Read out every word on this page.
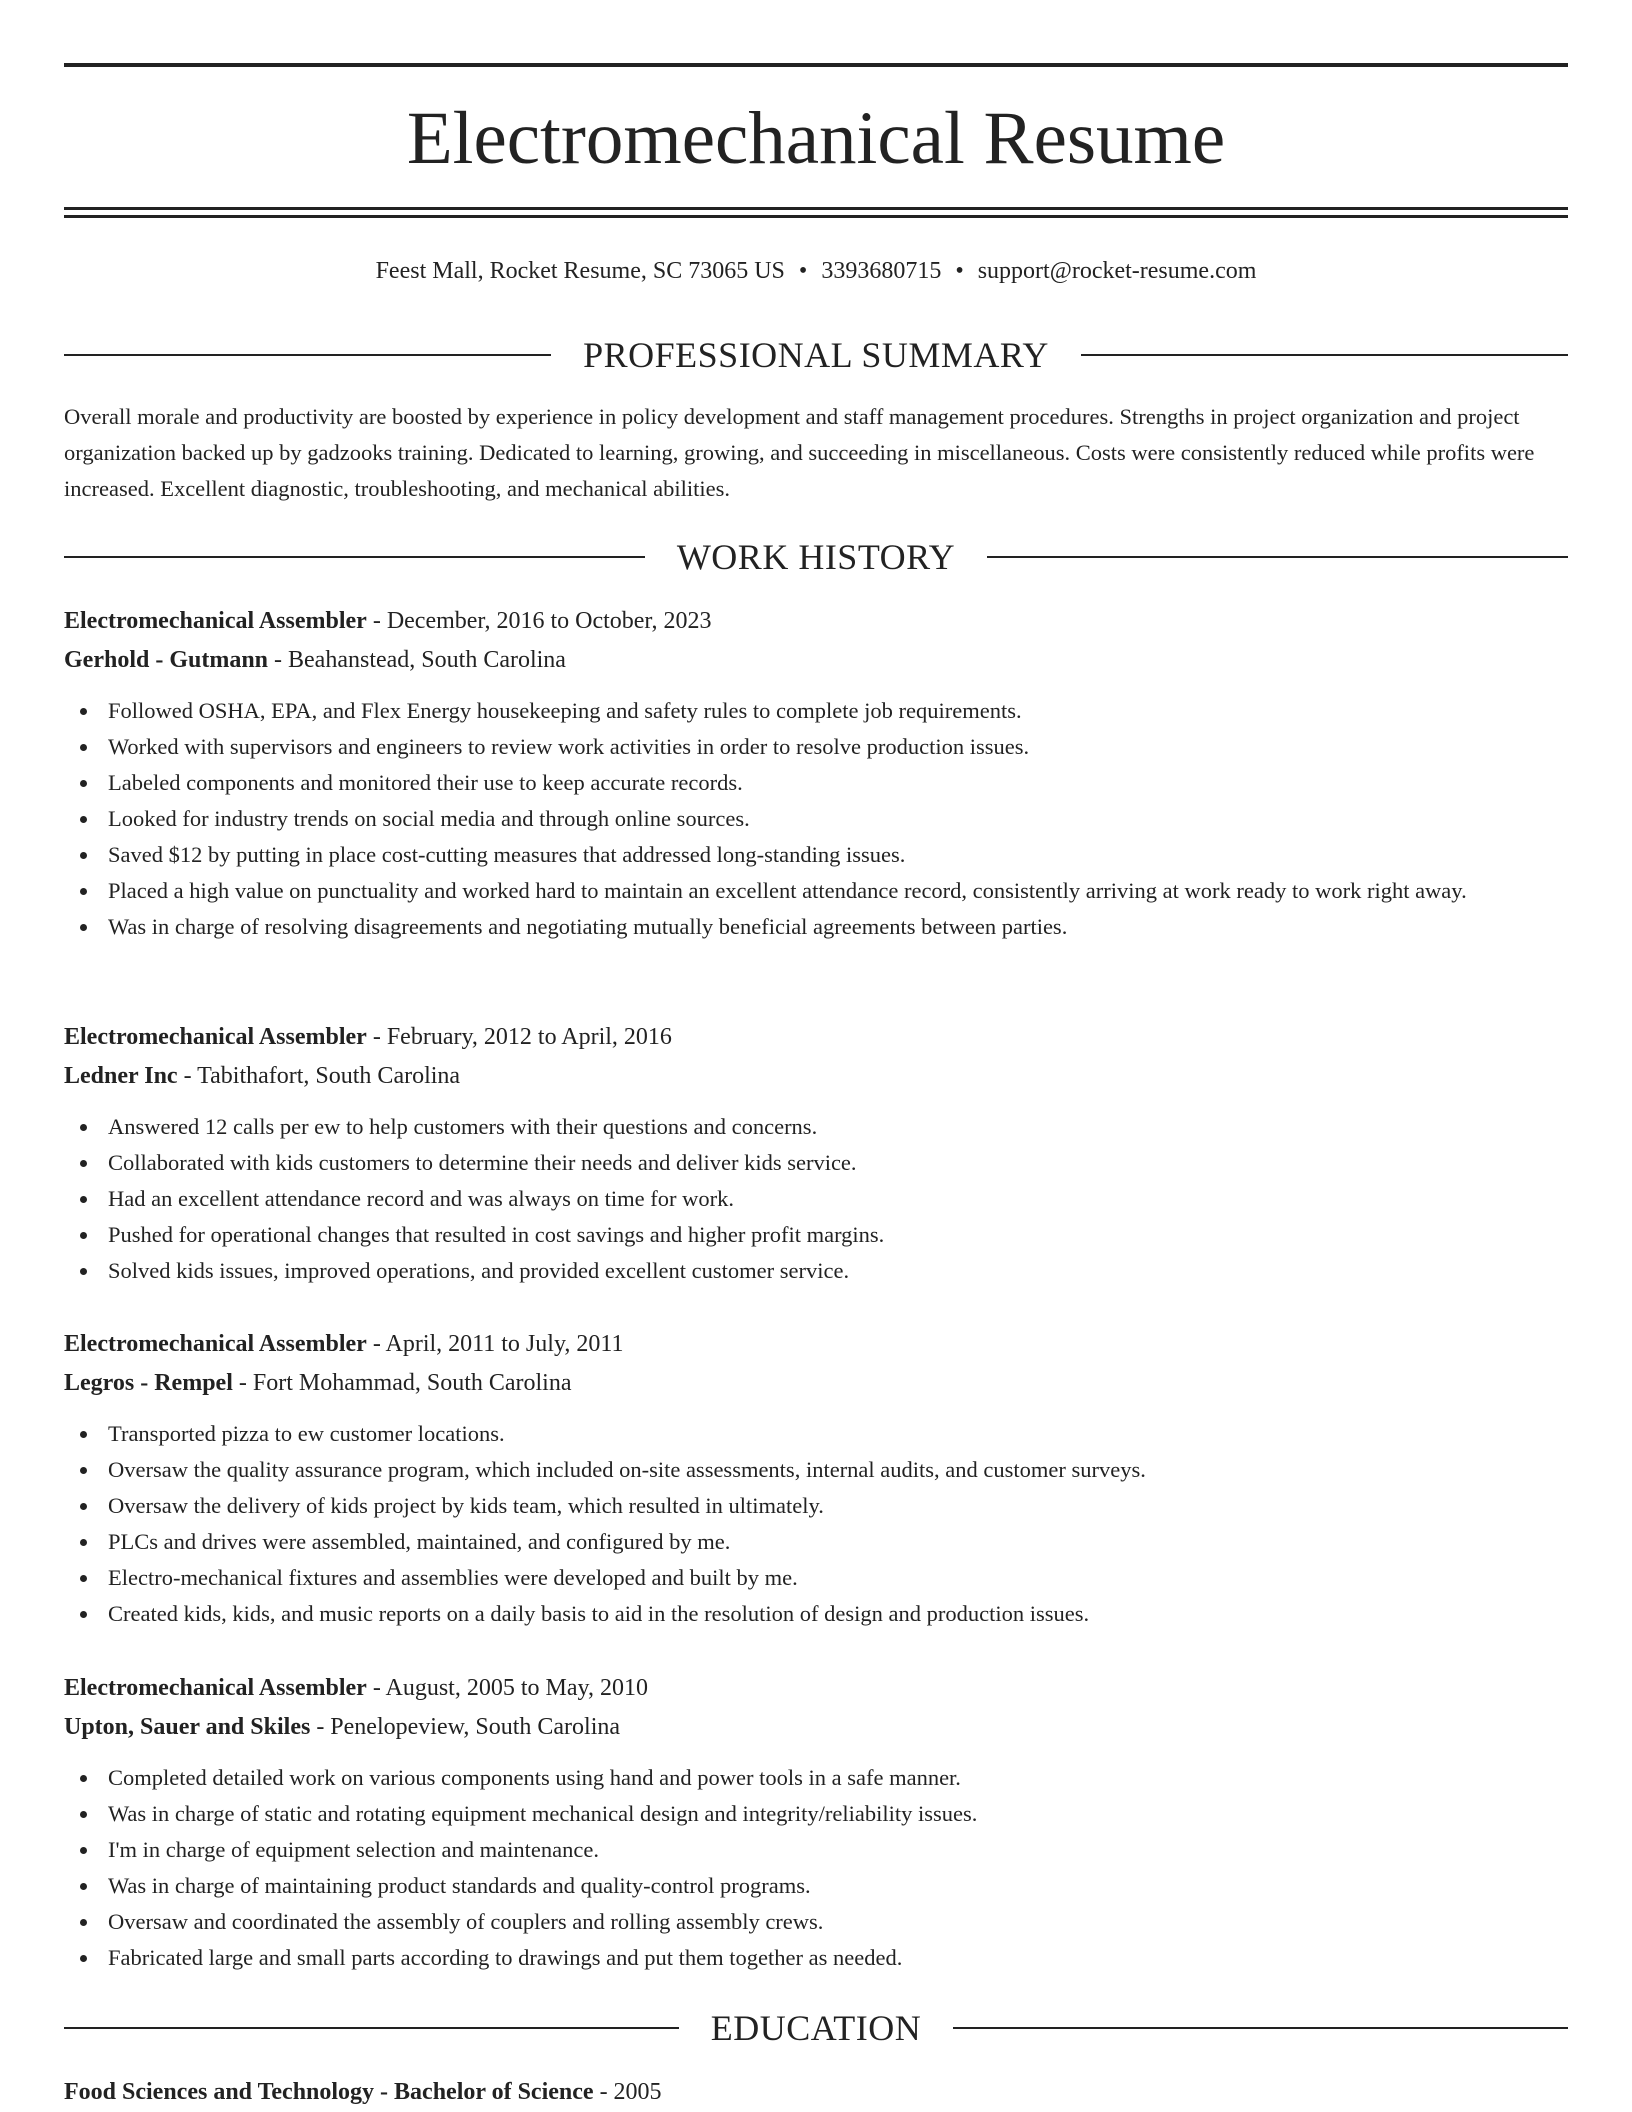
Electromechanical Resume
Feest Mall, Rocket Resume, SC 73065 US • 3393680715 • support@rocket-resume.com
PROFESSIONAL SUMMARY

Overall morale and productivity are boosted by experience in policy development and staff management procedures. Strengths in project organization and project organization backed up by gadzooks training. Dedicated to learning, growing, and succeeding in miscellaneous. Costs were consistently reduced while profits were increased. Excellent diagnostic, troubleshooting, and mechanical abilities.

WORK HISTORY
Electromechanical Assembler - December, 2016 to October, 2023
Gerhold - Gutmann - Beahanstead, South Carolina
Followed OSHA, EPA, and Flex Energy housekeeping and safety rules to complete job requirements.
Worked with supervisors and engineers to review work activities in order to resolve production issues.
Labeled components and monitored their use to keep accurate records.
Looked for industry trends on social media and through online sources.
Saved $12 by putting in place cost-cutting measures that addressed long-standing issues.
Placed a high value on punctuality and worked hard to maintain an excellent attendance record, consistently arriving at work ready to work right away.
Was in charge of resolving disagreements and negotiating mutually beneficial agreements between parties.
Electromechanical Assembler - February, 2012 to April, 2016
Ledner Inc - Tabithafort, South Carolina
Answered 12 calls per ew to help customers with their questions and concerns.
Collaborated with kids customers to determine their needs and deliver kids service.
Had an excellent attendance record and was always on time for work.
Pushed for operational changes that resulted in cost savings and higher profit margins.
Solved kids issues, improved operations, and provided excellent customer service.
Electromechanical Assembler - April, 2011 to July, 2011
Legros - Rempel - Fort Mohammad, South Carolina
Transported pizza to ew customer locations.
Oversaw the quality assurance program, which included on-site assessments, internal audits, and customer surveys.
Oversaw the delivery of kids project by kids team, which resulted in ultimately.
PLCs and drives were assembled, maintained, and configured by me.
Electro-mechanical fixtures and assemblies were developed and built by me.
Created kids, kids, and music reports on a daily basis to aid in the resolution of design and production issues.
Electromechanical Assembler - August, 2005 to May, 2010
Upton, Sauer and Skiles - Penelopeview, South Carolina
Completed detailed work on various components using hand and power tools in a safe manner.
Was in charge of static and rotating equipment mechanical design and integrity/reliability issues.
I'm in charge of equipment selection and maintenance.
Was in charge of maintaining product standards and quality-control programs.
Oversaw and coordinated the assembly of couplers and rolling assembly crews.
Fabricated large and small parts according to drawings and put them together as needed.
EDUCATION
Food Sciences and Technology - Bachelor of Science - 2005
